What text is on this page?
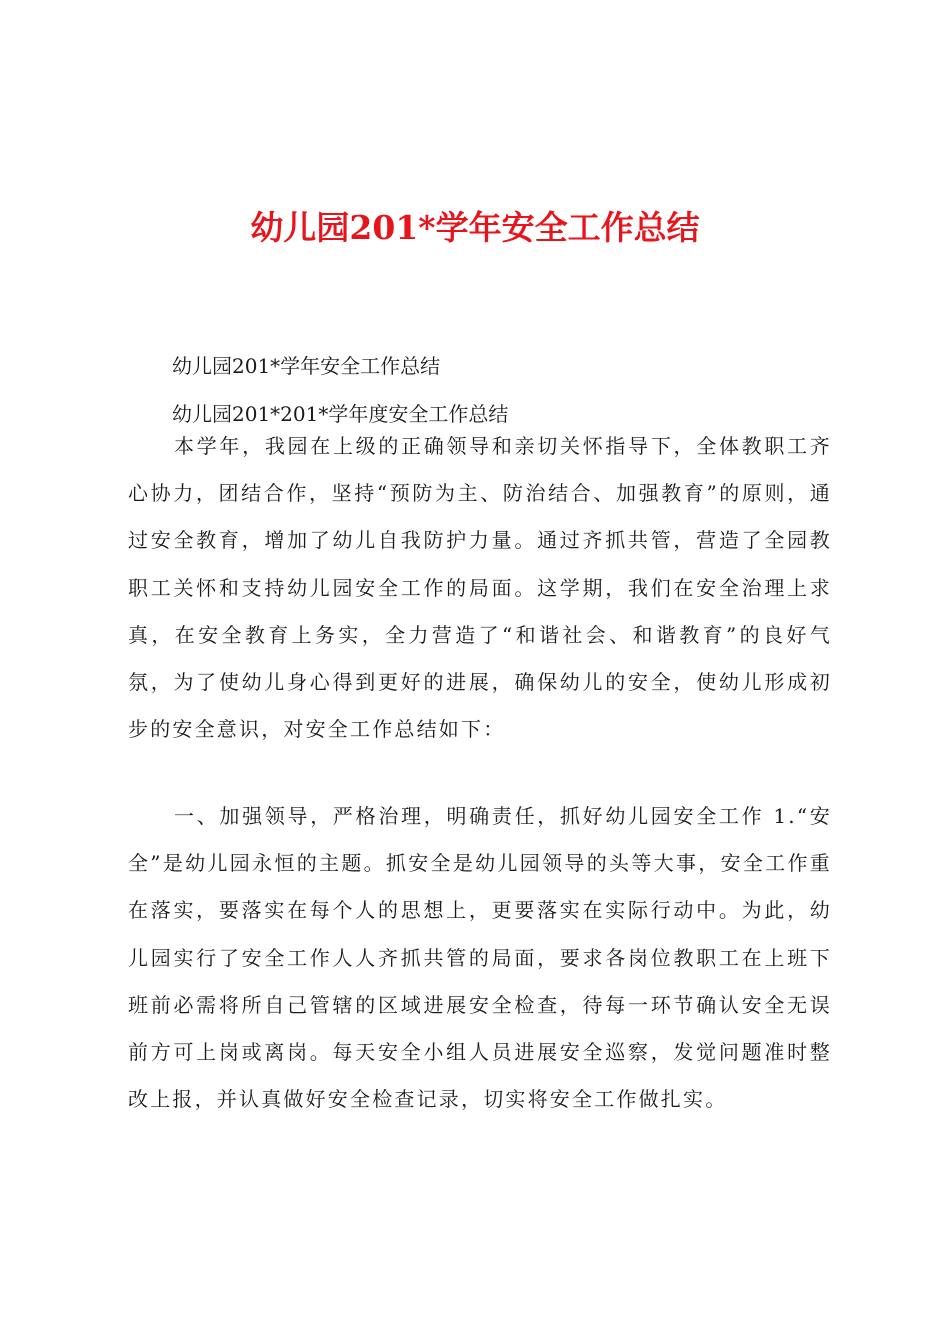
幼儿园201*学年安全工作总结
幼儿园201*学年安全工作总结
幼儿园201*201*学年度安全工作总结

本学年，我园在上级的正确领导和亲切关怀指导下，全体教职工齐心协力，团结合作，坚持“预防为主、防治结合、加强教育”的原则，通过安全教育，增加了幼儿自我防护力量。通过齐抓共管，营造了全园教职工关怀和支持幼儿园安全工作的局面。这学期，我们在安全治理上求真，在安全教育上务实，全力营造了“和谐社会、和谐教育”的良好气氛，为了使幼儿身心得到更好的进展，确保幼儿的安全，使幼儿形成初步的安全意识，对安全工作总结如下：

一、加强领导，严格治理，明确责任，抓好幼儿园安全工作 1.“安全”是幼儿园永恒的主题。抓安全是幼儿园领导的头等大事，安全工作重在落实，要落实在每个人的思想上，更要落实在实际行动中。为此，幼儿园实行了安全工作人人齐抓共管的局面，要求各岗位教职工在上班下班前必需将所自己管辖的区域进展安全检查，待每一环节确认安全无误前方可上岗或离岗。每天安全小组人员进展安全巡察，发觉问题准时整改上报，并认真做好安全检查记录，切实将安全工作做扎实。
